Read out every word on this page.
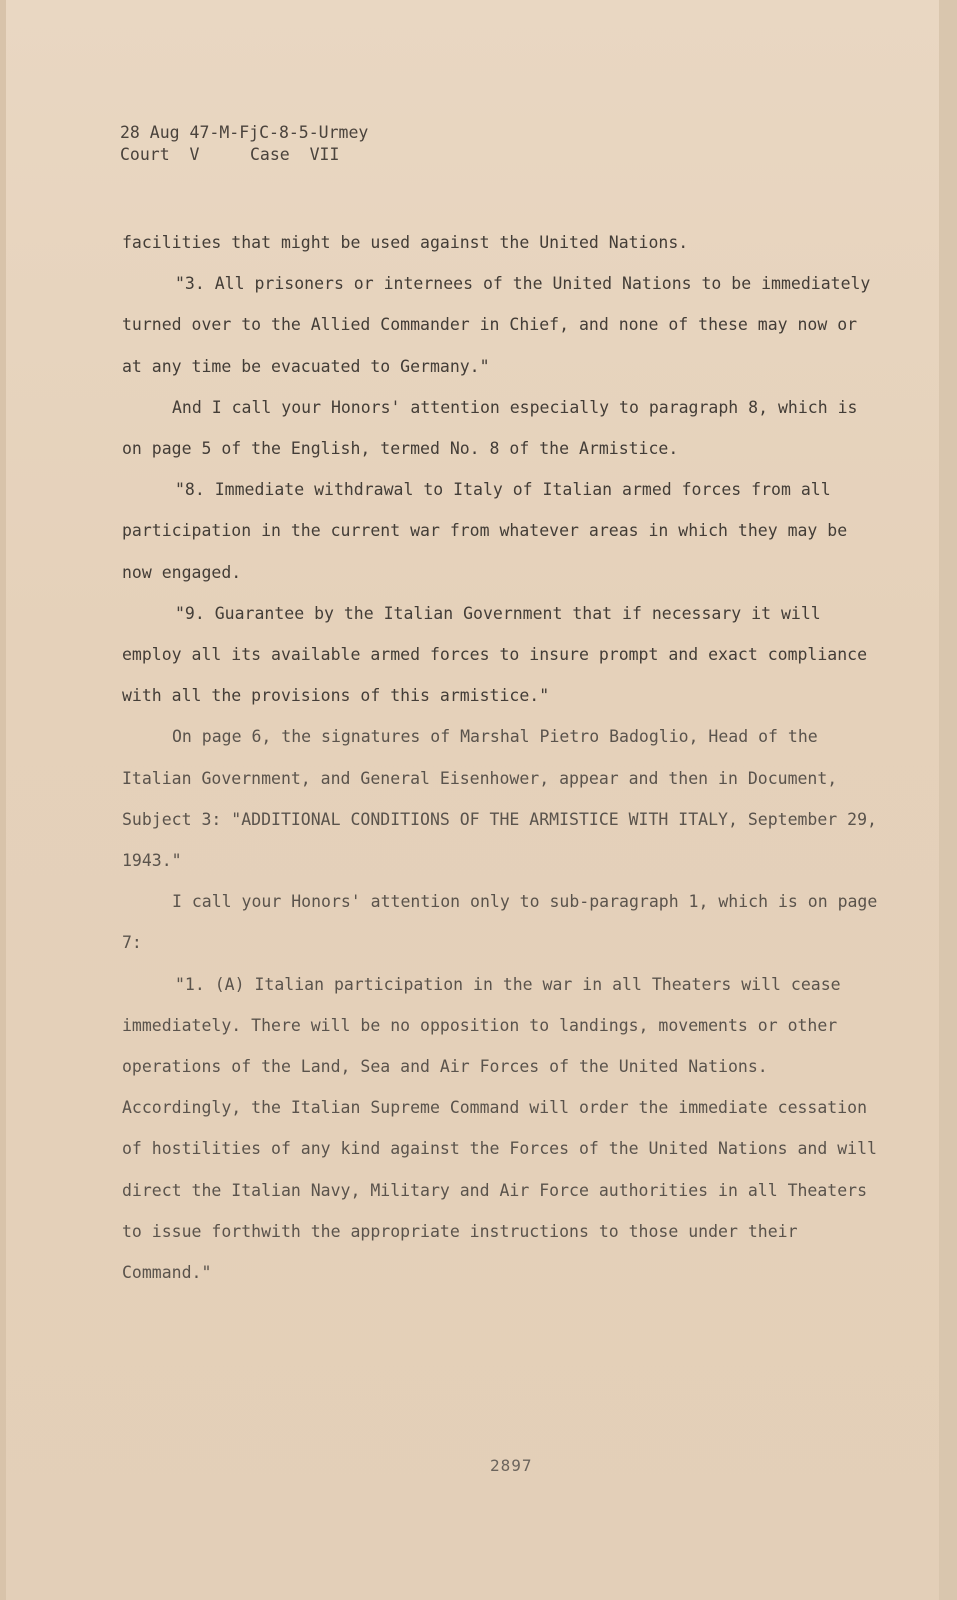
28 Aug 47-M-FjC-8-5-Urmey
Court  V	Case  VII

facilities that might be used against the United Nations.

"3. All prisoners or internees of the United Nations to be immediately turned over to the Allied Commander in Chief, and none of these may now or at any time be evacuated to Germany."

And I call your Honors' attention especially to paragraph 8, which is on page 5 of the English, termed No. 8 of the Armistice.

"8. Immediate withdrawal to Italy of Italian armed forces from all participation in the current war from whatever areas in which they may be now engaged.

"9. Guarantee by the Italian Government that if necessary it will employ all its available armed forces to insure prompt and exact compliance with all the provisions of this armistice."

On page 6, the signatures of Marshal Pietro Badoglio, Head of the Italian Government, and General Eisenhower, appear and then in Document, Subject 3: "ADDITIONAL CONDITIONS OF THE ARMISTICE WITH ITALY, September 29, 1943."

I call your Honors' attention only to sub-paragraph 1, which is on page 7:

"1. (A) Italian participation in the war in all Theaters will cease immediately. There will be no opposition to landings, movements or other operations of the Land, Sea and Air Forces of the United Nations. Accordingly, the Italian Supreme Command will order the immediate cessation of hostilities of any kind against the Forces of the United Nations and will direct the Italian Navy, Military and Air Force authorities in all Theaters to issue forthwith the appropriate instructions to those under their Command."

2897
